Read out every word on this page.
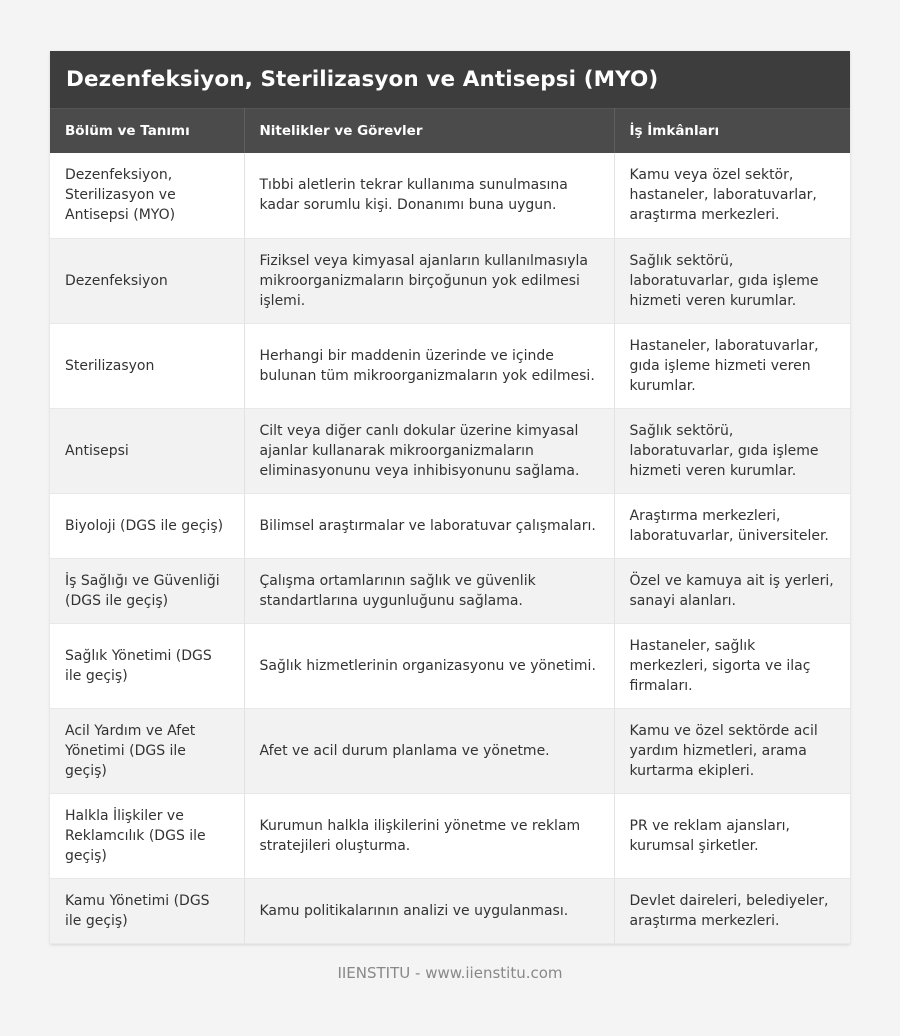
Dezenfeksiyon, Sterilizasyon ve Antisepsi (MYO)
Bölüm ve Tanımı	Nitelikler ve Görevler	İş İmkânları
Dezenfeksiyon, Sterilizasyon ve Antisepsi (MYO)	Tıbbi aletlerin tekrar kullanıma sunulmasına kadar sorumlu kişi. Donanımı buna uygun.	Kamu veya özel sektör, hastaneler, laboratuvarlar, araştırma merkezleri.
Dezenfeksiyon	Fiziksel veya kimyasal ajanların kullanılmasıyla mikroorganizmaların birçoğunun yok edilmesi işlemi.	Sağlık sektörü, laboratuvarlar, gıda işleme hizmeti veren kurumlar.
Sterilizasyon	Herhangi bir maddenin üzerinde ve içinde bulunan tüm mikroorganizmaların yok edilmesi.	Hastaneler, laboratuvarlar, gıda işleme hizmeti veren kurumlar.
Antisepsi	Cilt veya diğer canlı dokular üzerine kimyasal ajanlar kullanarak mikroorganizmaların eliminasyonunu veya inhibisyonunu sağlama.	Sağlık sektörü, laboratuvarlar, gıda işleme hizmeti veren kurumlar.
Biyoloji (DGS ile geçiş)	Bilimsel araştırmalar ve laboratuvar çalışmaları.	Araştırma merkezleri, laboratuvarlar, üniversiteler.
İş Sağlığı ve Güvenliği (DGS ile geçiş)	Çalışma ortamlarının sağlık ve güvenlik standartlarına uygunluğunu sağlama.	Özel ve kamuya ait iş yerleri, sanayi alanları.
Sağlık Yönetimi (DGS ile geçiş)	Sağlık hizmetlerinin organizasyonu ve yönetimi.	Hastaneler, sağlık merkezleri, sigorta ve ilaç firmaları.
Acil Yardım ve Afet Yönetimi (DGS ile geçiş)	Afet ve acil durum planlama ve yönetme.	Kamu ve özel sektörde acil yardım hizmetleri, arama kurtarma ekipleri.
Halkla İlişkiler ve Reklamcılık (DGS ile geçiş)	Kurumun halkla ilişkilerini yönetme ve reklam stratejileri oluşturma.	PR ve reklam ajansları, kurumsal şirketler.
Kamu Yönetimi (DGS ile geçiş)	Kamu politikalarının analizi ve uygulanması.	Devlet daireleri, belediyeler, araştırma merkezleri.
IIENSTITU - www.iienstitu.com
